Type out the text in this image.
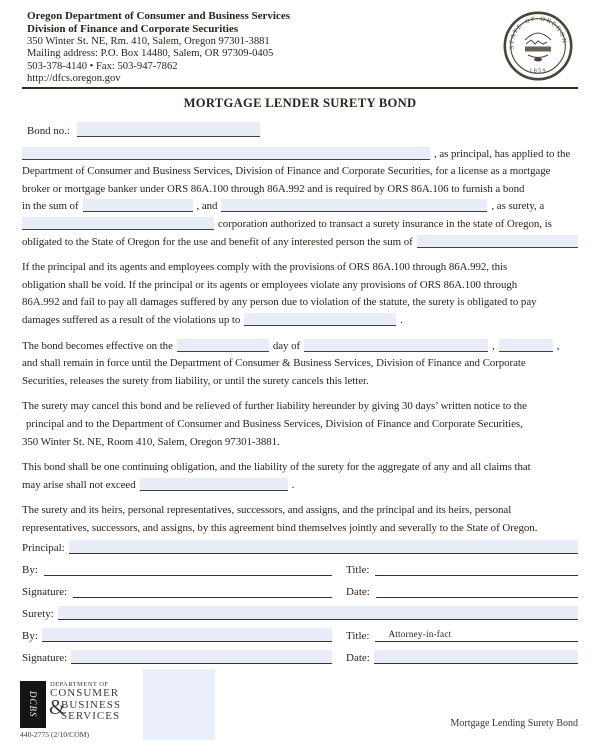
Oregon Department of Consumer and Business Services
Division of Finance and Corporate Securities
350 Winter St. NE, Rm. 410, Salem, Oregon 97301-3881
Mailing address: P.O. Box 14480, Salem, OR 97309-0405
503-378-4140 • Fax: 503-947-7862
http://dfcs.oregon.gov
STATE OF OREGON
1859
MORTGAGE LENDER SURETY BOND
Bond no.:
, as principal, has applied to the
Department of Consumer and Business Services, Division of Finance and Corporate Securities, for a license as a mortgage
broker or mortgage banker under ORS 86A.100 through 86A.992 and is required by ORS 86A.106 to furnish a bond
in the sum of	, and	, as surety, a
corporation authorized to transact a surety insurance in the state of Oregon, is
obligated to the State of Oregon for the use and benefit of any interested person the sum of
If the principal and its agents and employees comply with the provisions of ORS 86A.100 through 86A.992, this
obligation shall be void. If the principal or its agents or employees violate any provisions of ORS 86A.100 through
86A.992 and fail to pay all damages suffered by any person due to violation of the statute, the surety is obligated to pay
damages suffered as a result of the violations up to	.
The bond becomes effective on the	day of	,	,
and shall remain in force until the Department of Consumer & Business Services, Division of Finance and Corporate
Securities, releases the surety from liability, or until the surety cancels this letter.
The surety may cancel this bond and be relieved of further liability hereunder by giving 30 days’ written notice to the
principal and to the Department of Consumer and Business Services, Division of Finance and Corporate Securities,
350 Winter St. NE, Room 410, Salem, Oregon 97301-3881.
This bond shall be one continuing obligation, and the liability of the surety for the aggregate of any and all claims that
may arise shall not exceed	.
The surety and its heirs, personal representatives, successors, and assigns, and the principal and its heirs, personal
representatives, successors, and assigns, by this agreement bind themselves jointly and severally to the State of Oregon.
Principal:
By:	Title:
Signature:	Date:
Surety:
By:	Title:	Attorney-in-fact
Signature:	Date:
DCBS
DEPARTMENT OF
CONSUMER
&
BUSINESS
SERVICES
440-2775 (2/10/COM)
Mortgage Lending Surety Bond
